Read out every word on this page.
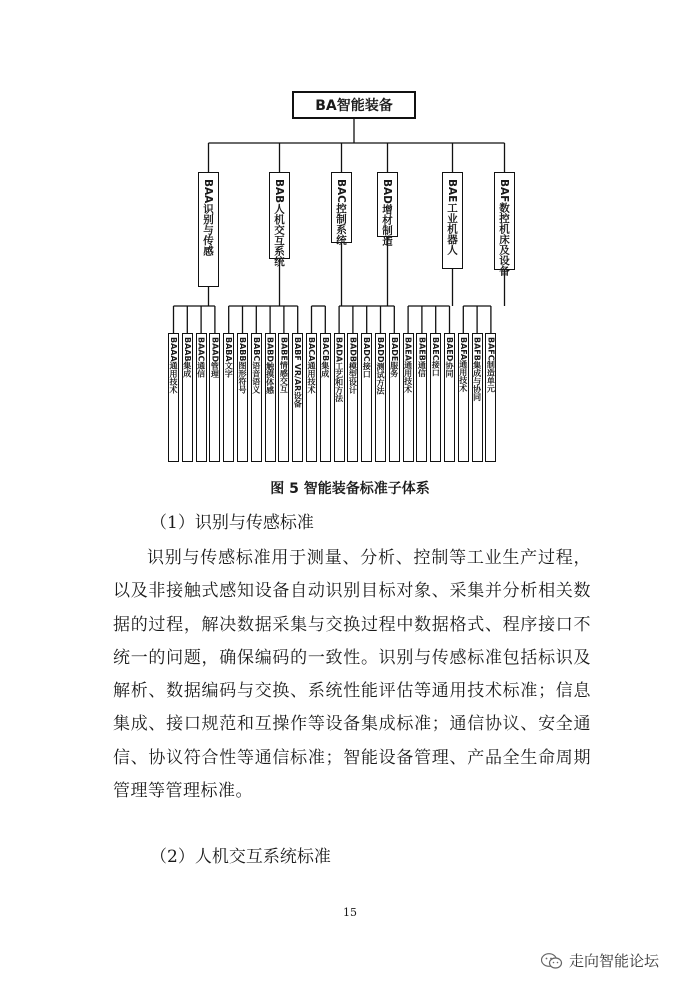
BA智能装备
BAA识别与传感
BAAA通用技术 BAAB集成 BAAC通信 BAAD管理
BAB人机交互系统
BABA文字 BABB图形符号 BABC语音语义 BABD触摸体感 BABE情感交互 BABF VR/AR设备
BAC控制系统
BACA通用技术 BACB集成
BAD增材制造
BADA工艺和方法 BADB模型设计 BADC接口 BADD测试方法 BADE服务
BAE工业机器人
BAEA通用技术 BAEB通信 BAEC接口 BAED协同
BAF数控机床及设备
BAFA通用技术 BAFB集成与协同 BAFC制造单元
图 5 智能装备标准子体系
（1）识别与传感标准

识别与传感标准用于测量、分析、控制等工业生产过程，以及非接触式感知设备自动识别目标对象、采集并分析相关数据的过程，解决数据采集与交换过程中数据格式、程序接口不统一的问题，确保编码的一致性。识别与传感标准包括标识及解析、数据编码与交换、系统性能评估等通用技术标准；信息集成、接口规范和互操作等设备集成标准；通信协议、安全通信、协议符合性等通信标准；智能设备管理、产品全生命周期管理等管理标准。

（2）人机交互系统标准
15
走向智能论坛
